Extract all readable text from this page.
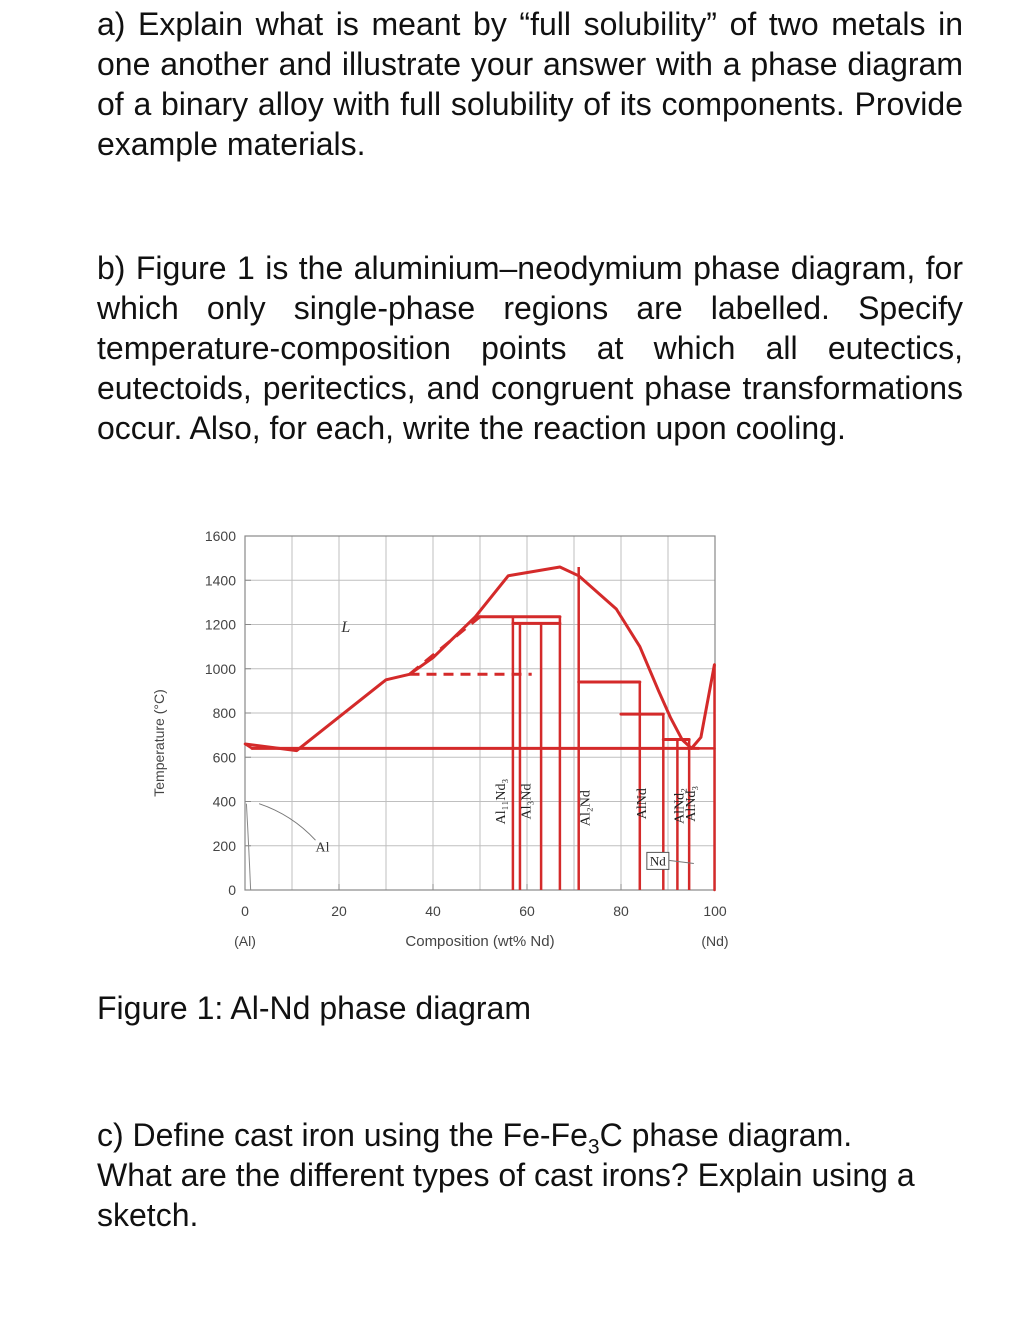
a) Explain what is meant by “full solubility” of two metals in one another and illustrate your answer with a phase diagram of a binary alloy with full solubility of its components. Provide example materials.

b) Figure 1 is the aluminium–neodymium phase diagram, for which only single-phase regions are labelled. Specify temperature-composition points at which all eutectics, eutectoids, peritectics, and congruent phase transformations occur. Also, for each, write the reaction upon cooling.

0
200
400
600
800
1000
1200
1400
1600
0	20	40	60	80	100
L
Al
Nd
Al₁₁Nd₃ Al₃Nd	Al₂Nd	AlNd AlNd₂
AlNd₃
Temperature (°C)
Composition (wt% Nd)
(Al)	(Nd)

Figure 1: Al-Nd phase diagram

c) Define cast iron using the $Fe-Fe_3C$ phase diagram.
What are the different types of cast irons? Explain using a sketch.
